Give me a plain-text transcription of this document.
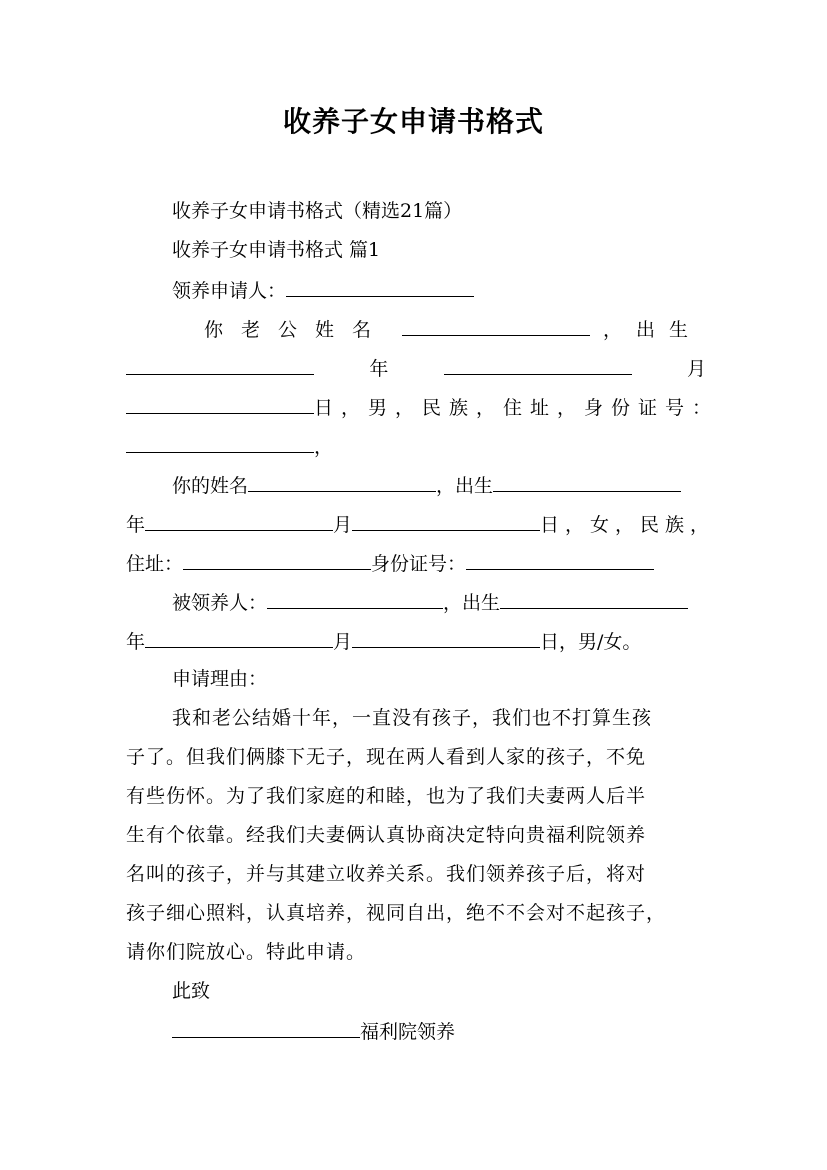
收养子女申请书格式
收养子女申请书格式（精选21篇）
收养子女申请书格式 篇1
领养申请人：
你老公姓名	，出生
年	月
日，男，民族，住址，身份证号：
，
你的姓名	，出生
年	月	日，女，民族，
住址：	身份证号：
被领养人：	，出生
年	月	日，男/女。
申请理由：
我和老公结婚十年，一直没有孩子，我们也不打算生孩
子了。但我们俩膝下无子，现在两人看到人家的孩子，不免
有些伤怀。为了我们家庭的和睦，也为了我们夫妻两人后半
生有个依靠。经我们夫妻俩认真协商决定特向贵福利院领养
名叫的孩子，并与其建立收养关系。我们领养孩子后，将对
孩子细心照料，认真培养，视同自出，绝不不会对不起孩子，
请你们院放心。特此申请。
此致
福利院领养
